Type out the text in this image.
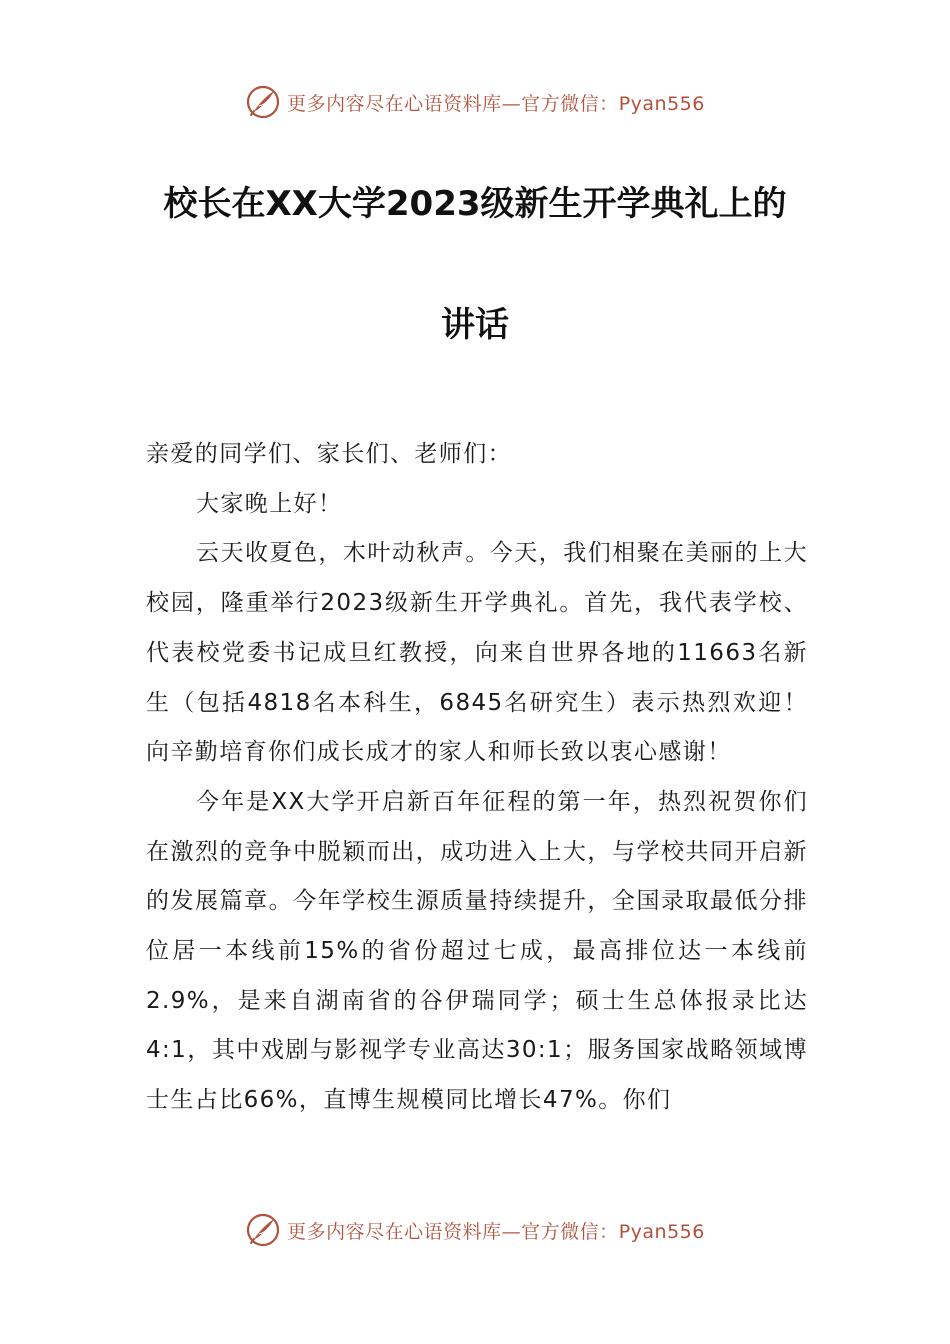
更多内容尽在心语资料库—官方微信：Pyan556
校长在XX大学2023级新生开学典礼上的
讲话

亲爱的同学们、家长们、老师们：

大家晚上好！

云天收夏色，木叶动秋声。今天，我们相聚在美丽的上大校园，隆重举行2023级新生开学典礼。首先，我代表学校、代表校党委书记成旦红教授，向来自世界各地的11663名新生（包括4818名本科生，6845名研究生）表示热烈欢迎！向辛勤培育你们成长成才的家人和师长致以衷心感谢！

今年是XX大学开启新百年征程的第一年，热烈祝贺你们在激烈的竞争中脱颖而出，成功进入上大，与学校共同开启新的发展篇章。今年学校生源质量持续提升，全国录取最低分排位居一本线前15%的省份超过七成，最高排位达一本线前2.9%，是来自湖南省的谷伊瑞同学；硕士生总体报录比达4:1，其中戏剧与影视学专业高达30:1；服务国家战略领域博士生占比66%，直博生规模同比增长47%。你们

更多内容尽在心语资料库—官方微信：Pyan556
